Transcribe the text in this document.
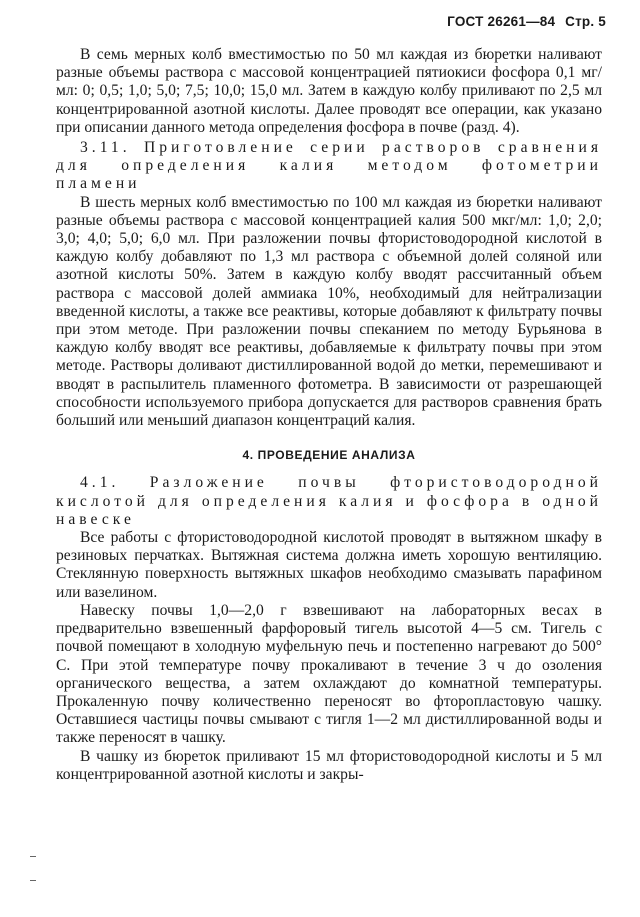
ГОСТ 26261—84 Стр. 5

В семь мерных колб вместимостью по 50 мл каждая из бюретки наливают разные объемы раствора с массовой концентрацией пятиокиси фосфора 0,1 мг/мл: 0; 0,5; 1,0; 5,0; 7,5; 10,0; 15,0 мл. Затем в каждую колбу приливают по 2,5 мл концентрированной азотной кислоты. Далее проводят все операции, как указано при описании данного метода определения фосфора в почве (разд. 4).

3.11. Приготовление серии растворов сравнения для определения калия методом фотометрии пламени

В шесть мерных колб вместимостью по 100 мл каждая из бюретки наливают разные объемы раствора с массовой концентрацией калия 500 мкг/мл: 1,0; 2,0; 3,0; 4,0; 5,0; 6,0 мл. При разложении почвы фтористоводородной кислотой в каждую колбу добавляют по 1,3 мл раствора с объемной долей соляной или азотной кислоты 50%. Затем в каждую колбу вводят рассчитанный объем раствора с массовой долей аммиака 10%, необходимый для нейтрализации введенной кислоты, а также все реактивы, которые добавляют к фильтрату почвы при этом методе. При разложении почвы спеканием по методу Бурьянова в каждую колбу вводят все реактивы, добавляемые к фильтрату почвы при этом методе. Растворы доливают дистиллированной водой до метки, перемешивают и вводят в распылитель пламенного фотометра. В зависимости от разрешающей способности используемого прибора допускается для растворов сравнения брать больший или меньший диапазон концентраций калия.

4. ПРОВЕДЕНИЕ АНАЛИЗА

4.1. Разложение почвы фтористоводородной кислотой для определения калия и фосфора в одной навеске

Все работы с фтористоводородной кислотой проводят в вытяжном шкафу в резиновых перчатках. Вытяжная система должна иметь хорошую вентиляцию. Стеклянную поверхность вытяжных шкафов необходимо смазывать парафином или вазелином.

Навеску почвы 1,0—2,0 г взвешивают на лабораторных весах в предварительно взвешенный фарфоровый тигель высотой 4—5 см. Тигель с почвой помещают в холодную муфельную печь и постепенно нагревают до 500° С. При этой температуре почву прокаливают в течение 3 ч до озоления органического вещества, а затем охлаждают до комнатной температуры. Прокаленную почву количественно переносят во фторопластовую чашку. Оставшиеся частицы почвы смывают с тигля 1—2 мл дистиллированной воды и также переносят в чашку.

В чашку из бюреток приливают 15 мл фтористоводородной кислоты и 5 мл концентрированной азотной кислоты и закры-
